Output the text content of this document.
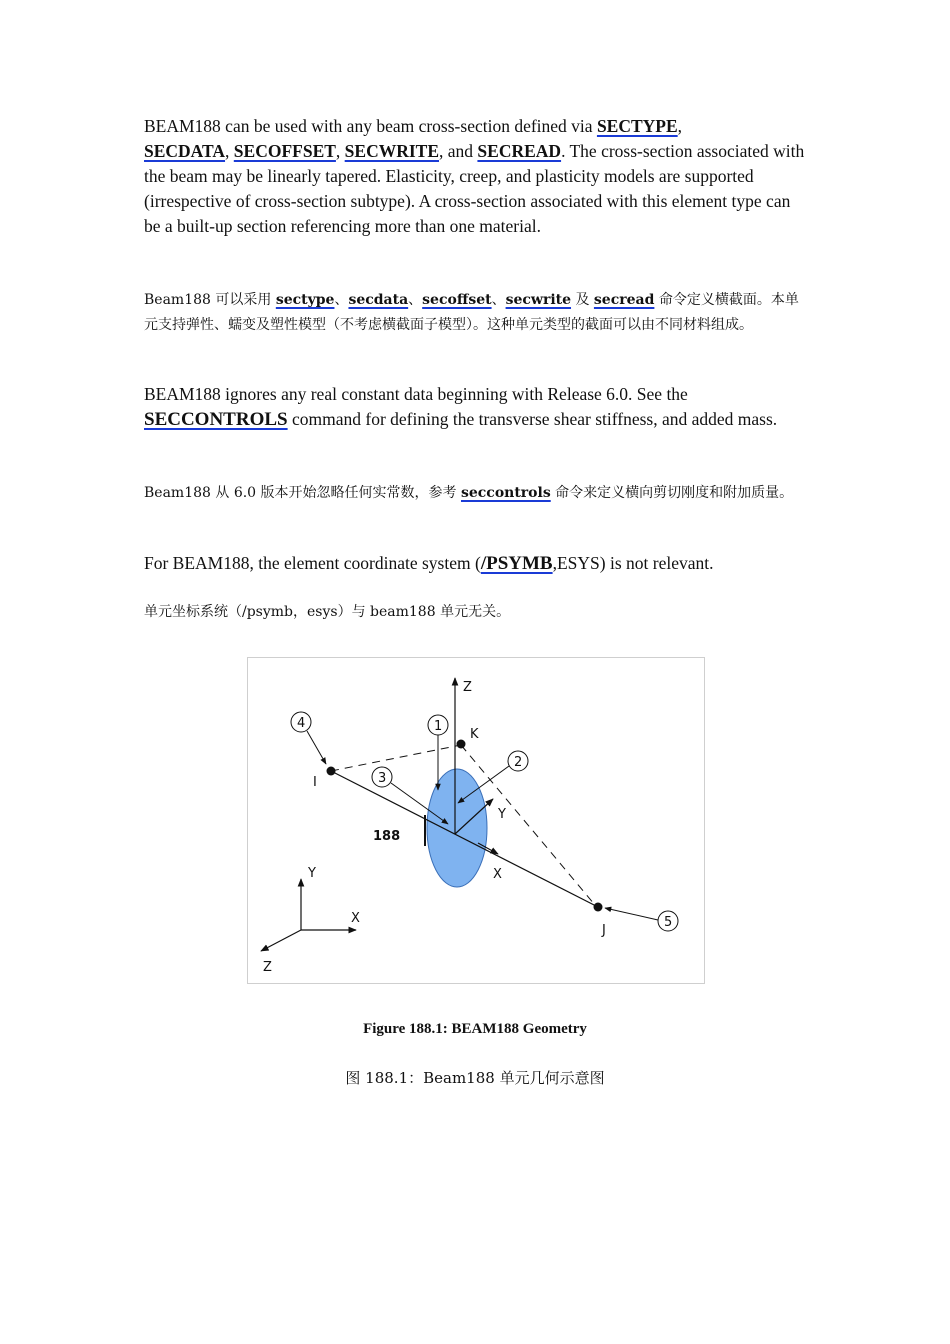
BEAM188 can be used with any beam cross-section defined via SECTYPE,
SECDATA, SECOFFSET, SECWRITE, and SECREAD. The cross-section associated with the beam may be linearly tapered. Elasticity, creep, and plasticity models are supported (irrespective of cross-section subtype). A cross-section associated with this element type can be a built-up section referencing more than one material.

Beam188 可以采用 sectype、secdata、secoffset、secwrite 及 secread 命令定义横截面。本单元支持弹性、蠕变及塑性模型（不考虑横截面子模型）。这种单元类型的截面可以由不同材料组成。

BEAM188 ignores any real constant data beginning with Release 6.0. See the SECCONTROLS command for defining the transverse shear stiffness, and added mass.

Beam188 从 6.0 版本开始忽略任何实常数，参考 seccontrols 命令来定义横向剪切刚度和附加质量。

For BEAM188, the element coordinate system (/PSYMB,ESYS) is not relevant.

单元坐标系统（/psymb，esys）与 beam188 单元无关。

Z
K
I
J
Y
X
188
1
2
3
4
5
Y
X
Z
Figure 188.1: BEAM188 Geometry
图 188.1：Beam188 单元几何示意图
